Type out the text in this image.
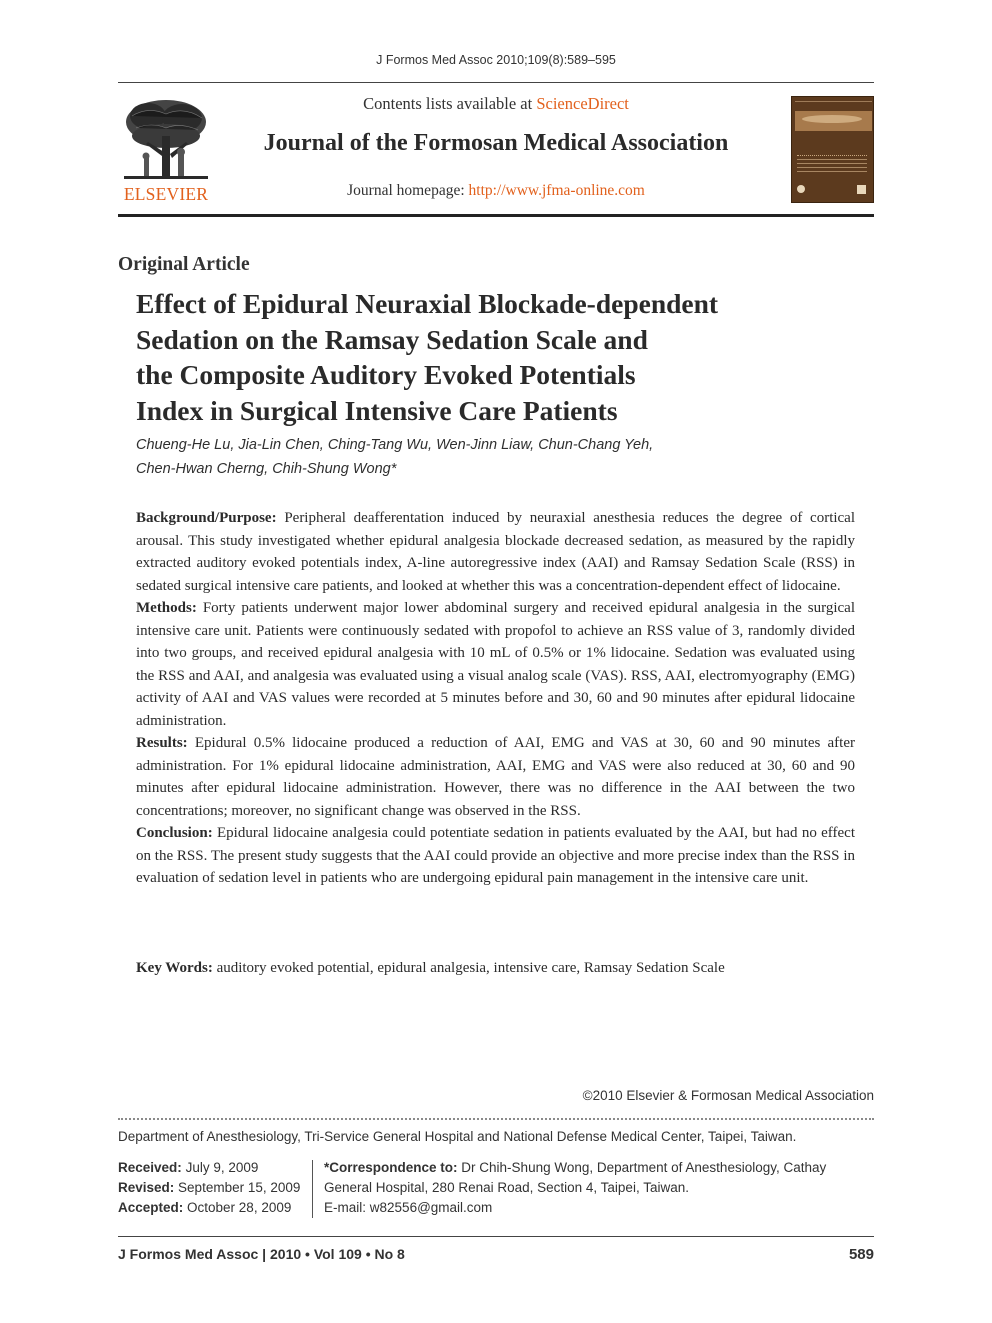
J Formos Med Assoc 2010;109(8):589–595
ELSEVIER
Contents lists available at ScienceDirect
Journal of the Formosan Medical Association
Journal homepage: http://www.jfma-online.com
Original Article
Effect of Epidural Neuraxial Blockade-dependent
Sedation on the Ramsay Sedation Scale and
the Composite Auditory Evoked Potentials
Index in Surgical Intensive Care Patients
Chueng-He Lu, Jia-Lin Chen, Ching-Tang Wu, Wen-Jinn Liaw, Chun-Chang Yeh,
Chen-Hwan Cherng, Chih-Shung Wong*

Background/Purpose: Peripheral deafferentation induced by neuraxial anesthesia reduces the degree of cortical arousal. This study investigated whether epidural analgesia blockade decreased sedation, as measured by the rapidly extracted auditory evoked potentials index, A-line autoregressive index (AAI) and Ramsay Sedation Scale (RSS) in sedated surgical intensive care patients, and looked at whether this was a concentration-dependent effect of lidocaine.

Methods: Forty patients underwent major lower abdominal surgery and received epidural analgesia in the surgical intensive care unit. Patients were continuously sedated with propofol to achieve an RSS value of 3, randomly divided into two groups, and received epidural analgesia with 10 mL of 0.5% or 1% lidocaine. Sedation was evaluated using the RSS and AAI, and analgesia was evaluated using a visual analog scale (VAS). RSS, AAI, electromyography (EMG) activity of AAI and VAS values were recorded at 5 minutes before and 30, 60 and 90 minutes after epidural lidocaine administration.

Results: Epidural 0.5% lidocaine produced a reduction of AAI, EMG and VAS at 30, 60 and 90 minutes after administration. For 1% epidural lidocaine administration, AAI, EMG and VAS were also reduced at 30, 60 and 90 minutes after epidural lidocaine administration. However, there was no difference in the AAI between the two concentrations; moreover, no significant change was observed in the RSS.

Conclusion: Epidural lidocaine analgesia could potentiate sedation in patients evaluated by the AAI, but had no effect on the RSS. The present study suggests that the AAI could provide an objective and more precise index than the RSS in evaluation of sedation level in patients who are undergoing epidural pain management in the intensive care unit.

Key Words: auditory evoked potential, epidural analgesia, intensive care, Ramsay Sedation Scale
©2010 Elsevier & Formosan Medical Association
Department of Anesthesiology, Tri-Service General Hospital and National Defense Medical Center, Taipei, Taiwan.
Received: July 9, 2009
Revised: September 15, 2009
Accepted: October 28, 2009
*Correspondence to: Dr Chih-Shung Wong, Department of Anesthesiology, Cathay General Hospital, 280 Renai Road, Section 4, Taipei, Taiwan.
E-mail: w82556@gmail.com
J Formos Med Assoc | 2010 • Vol 109 • No 8	589
